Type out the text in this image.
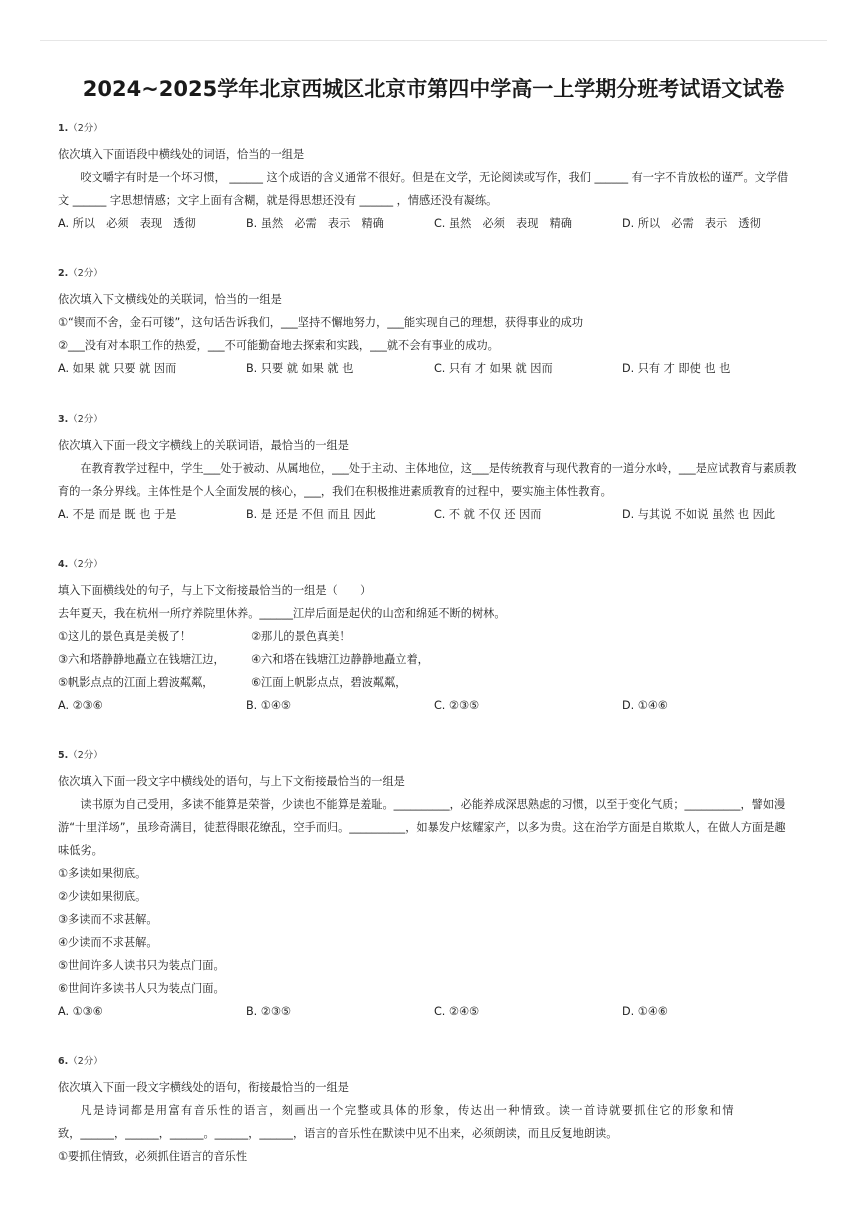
2024~2025学年北京西城区北京市第四中学高一上学期分班考试语文试卷
1.（2分）
依次填入下面语段中横线处的词语，恰当的一组是
咬文嚼字有时是一个坏习惯， ______ 这个成语的含义通常不很好。但是在文学，无论阅读或写作，我们 ______ 有一字不肯放松的谨严。文学借
文 ______ 字思想情感；文字上面有含糊，就是得思想还没有 ______ ，情感还没有凝练。
A. 所以　必须　表现　透彻	B. 虽然　必需　表示　精确	C. 虽然　必须　表现　精确	D. 所以　必需　表示　透彻
2.（2分）
依次填入下文横线处的关联词，恰当的一组是
①“锲而不舍，金石可镂”，这句话告诉我们，___坚持不懈地努力，___能实现自己的理想，获得事业的成功
②___没有对本职工作的热爱，___不可能勤奋地去探索和实践，___就不会有事业的成功。
A. 如果 就 只要 就 因而	B. 只要 就 如果 就 也	C. 只有 才 如果 就 因而	D. 只有 才 即使 也 也
3.（2分）
依次填入下面一段文字横线上的关联词语，最恰当的一组是
在教育教学过程中，学生___处于被动、从属地位，___处于主动、主体地位，这___是传统教育与现代教育的一道分水岭，___是应试教育与素质教
育的一条分界线。主体性是个人全面发展的核心，___，我们在积极推进素质教育的过程中，要实施主体性教育。
A. 不是 而是 既 也 于是	B. 是 还是 不但 而且 因此	C. 不 就 不仅 还 因而	D. 与其说 不如说 虽然 也 因此
4.（2分）
填入下面横线处的句子，与上下文衔接最恰当的一组是（　　）
去年夏天，我在杭州一所疗养院里休养。______江岸后面是起伏的山峦和绵延不断的树林。
①这儿的景色真是美极了！	②那儿的景色真美！
③六和塔静静地矗立在钱塘江边， ④六和塔在钱塘江边静静地矗立着，
⑤帆影点点的江面上碧波粼粼，	⑥江面上帆影点点，碧波粼粼，
A. ②③⑥	B. ①④⑤	C. ②③⑤	D. ①④⑥
5.（2分）
依次填入下面一段文字中横线处的语句，与上下文衔接最恰当的一组是
读书原为自己受用，多读不能算是荣誉，少读也不能算是羞耻。__________，必能养成深思熟虑的习惯，以至于变化气质；__________，譬如漫
游“十里洋场”，虽珍奇满目，徒惹得眼花缭乱，空手而归。__________，如暴发户炫耀家产，以多为贵。这在治学方面是自欺欺人，在做人方面是趣
味低劣。
①多读如果彻底。
②少读如果彻底。
③多读而不求甚解。
④少读而不求甚解。
⑤世间许多人读书只为装点门面。
⑥世间许多读书人只为装点门面。
A. ①③⑥	B. ②③⑤	C. ②④⑤	D. ①④⑥
6.（2分）
依次填入下面一段文字横线处的语句，衔接最恰当的一组是
凡是诗词都是用富有音乐性的语言，刻画出一个完整或具体的形象，传达出一种情致。读一首诗就要抓住它的形象和情
致，______，______，______。______，______，语言的音乐性在默读中见不出来，必须朗读，而且反复地朗读。
①要抓住情致，必须抓住语言的音乐性
